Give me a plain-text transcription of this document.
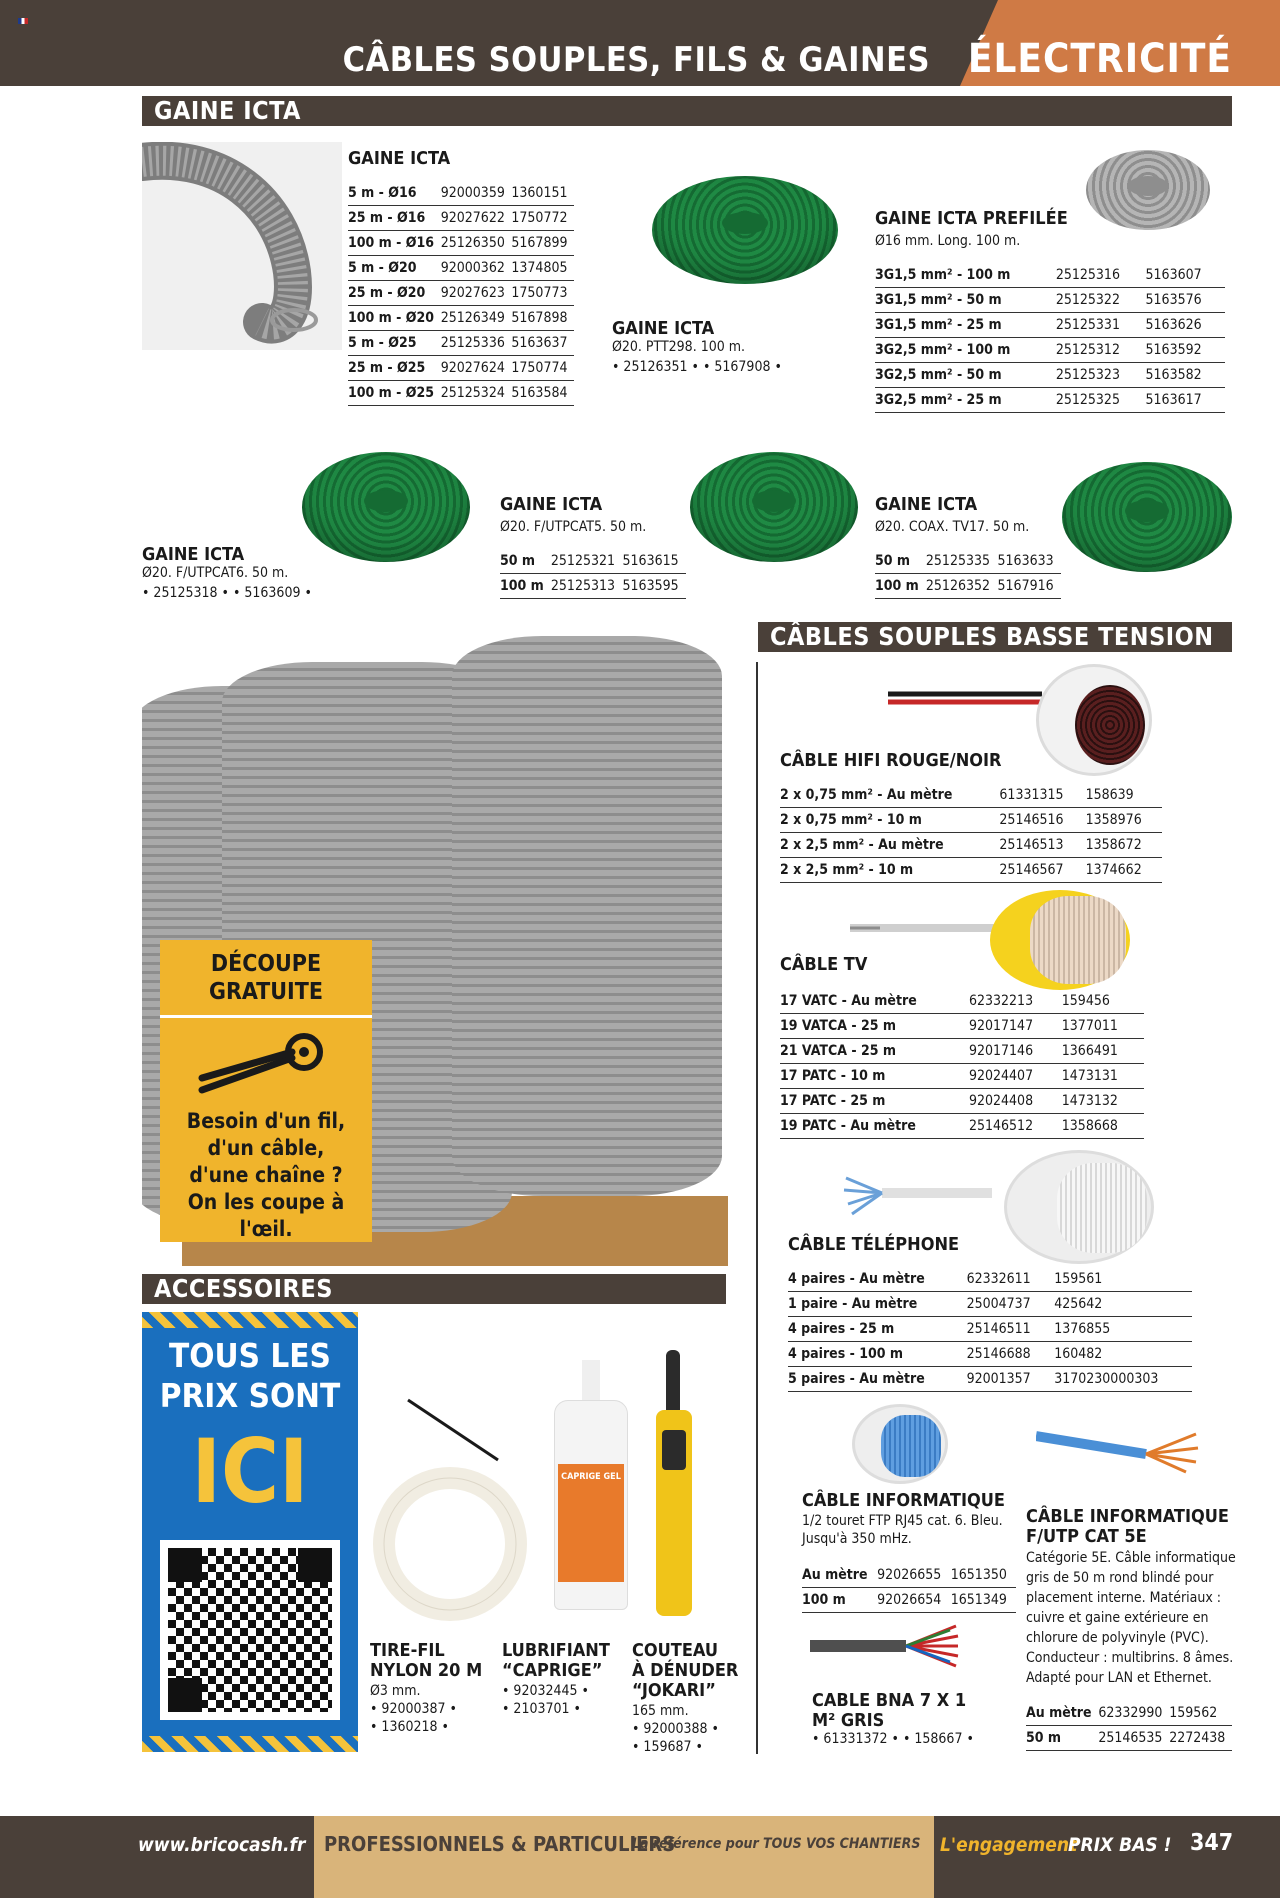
CÂBLES SOUPLES, FILS & GAINES ÉLECTRICITÉ
GAINE ICTA
GAINE ICTA
5 m - Ø16	92000359	1360151
25 m - Ø16	92027622	1750772
100 m - Ø16	25126350	5167899
5 m - Ø20	92000362	1374805
25 m - Ø20	92027623	1750773
100 m - Ø20	25126349	5167898
5 m - Ø25	25125336	5163637
25 m - Ø25	92027624	1750774
100 m - Ø25	25125324	5163584
GAINE ICTA
Ø20. PTT298. 100 m.
• 25126351 • • 5167908 •
GAINE ICTA PREFILÉE
Ø16 mm. Long. 100 m.
3G1,5 mm² - 100 m	25125316	5163607
3G1,5 mm² - 50 m	25125322	5163576
3G1,5 mm² - 25 m	25125331	5163626
3G2,5 mm² - 100 m	25125312	5163592
3G2,5 mm² - 50 m	25125323	5163582
3G2,5 mm² - 25 m	25125325	5163617
GAINE ICTA
Ø20. F/UTPCAT6. 50 m.
• 25125318 • • 5163609 •
GAINE ICTA
Ø20. F/UTPCAT5. 50 m.
50 m	25125321	5163615
100 m	25125313	5163595
GAINE ICTA
Ø20. COAX. TV17. 50 m.
50 m	25125335	5163633
100 m	25126352	5167916
DÉCOUPE
GRATUITE
Besoin d'un fil,
d'un câble,
d'une chaîne ?
On les coupe à l'œil.
CÂBLES SOUPLES BASSE TENSION
CÂBLE HIFI ROUGE/NOIR
2 x 0,75 mm² - Au mètre	61331315	158639
2 x 0,75 mm² - 10 m	25146516	1358976
2 x 2,5 mm² - Au mètre	25146513	1358672
2 x 2,5 mm² - 10 m	25146567	1374662
CÂBLE TV
17 VATC - Au mètre	62332213	159456
19 VATCA - 25 m	92017147	1377011
21 VATCA - 25 m	92017146	1366491
17 PATC - 10 m	92024407	1473131
17 PATC - 25 m	92024408	1473132
19 PATC - Au mètre	25146512	1358668
CÂBLE TÉLÉPHONE
4 paires - Au mètre	62332611	159561
1 paire - Au mètre	25004737	425642
4 paires - 25 m	25146511	1376855
4 paires - 100 m	25146688	160482
5 paires - Au mètre	92001357	3170230000303
CÂBLE INFORMATIQUE
1/2 touret FTP RJ45 cat. 6. Bleu.
Jusqu'à 350 mHz.
Au mètre	92026655	1651350
100 m	92026654	1651349
CABLE BNA 7 X 1
M² GRIS
• 61331372 • • 158667 •
CÂBLE INFORMATIQUE
F/UTP CAT 5E
Catégorie 5E. Câble informatique
gris de 50 m rond blindé pour
placement interne. Matériaux :
cuivre et gaine extérieure en
chlorure de polyvinyle (PVC).
Conducteur : multibrins. 8 âmes.
Adapté pour LAN et Ethernet.
Au mètre	62332990	159562
50 m	25146535	2272438
ACCESSOIRES
TOUS LES
PRIX SONT
ICI
TIRE-FIL
NYLON 20 M
Ø3 mm.
• 92000387 •
• 1360218 •
CAPRIGE GEL
LUBRIFIANT
“CAPRIGE”
• 92032445 •
• 2103701 •
COUTEAU
À DÉNUDER
“JOKARI”
165 mm.
• 92000388 •
• 159687 •
www.bricocash.fr PROFESSIONNELS & PARTICULIERS
La référence pour TOUS VOS CHANTIERS L'engagement
PRIX BAS ! 347
